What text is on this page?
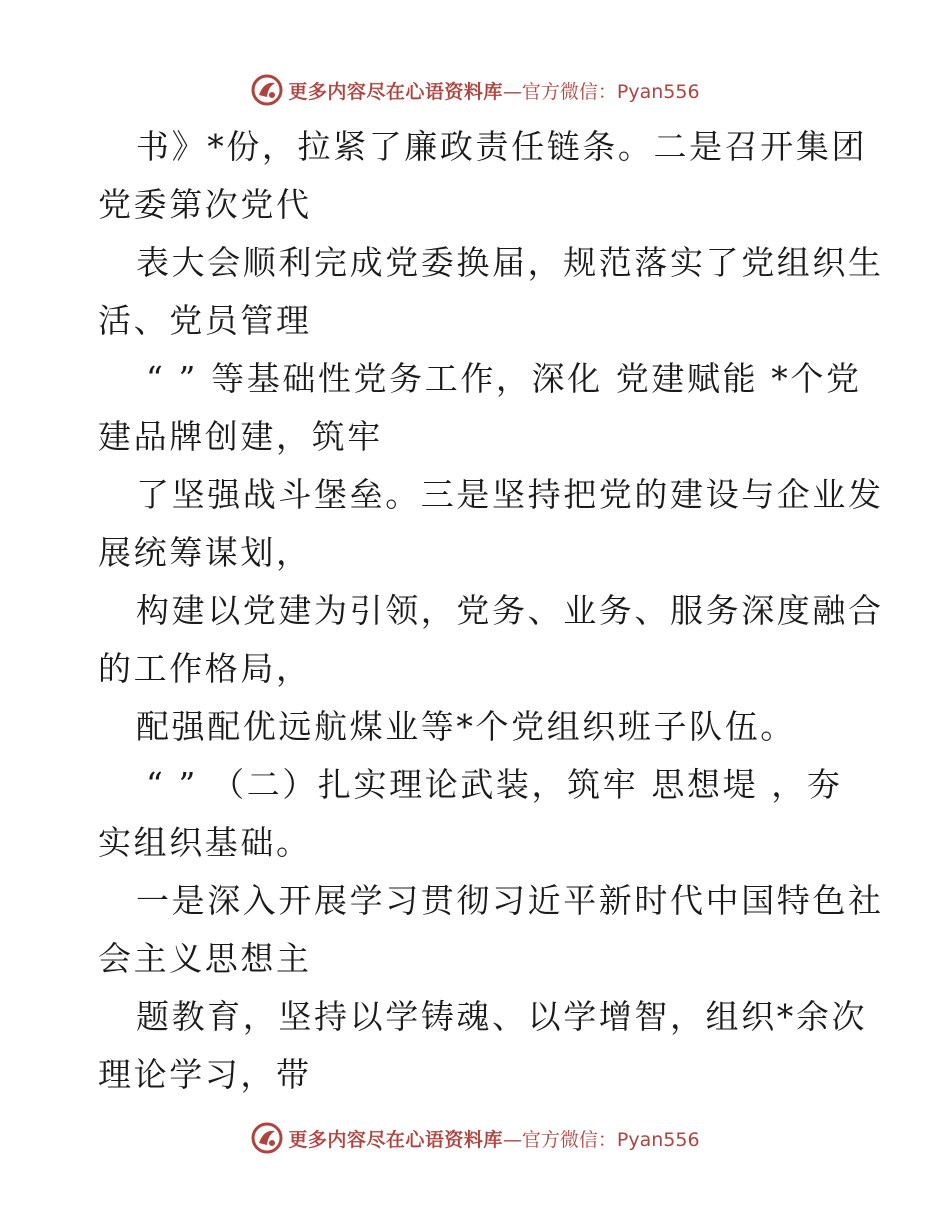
更多内容尽在心语资料库 —官方微信：Pyan556
书》*份，拉紧了廉政责任链条。二是召开集团
党委第次党代
表大会顺利完成党委换届，规范落实了党组织生
活、党员管理
“ ” 等基础性党务工作，深化 党建赋能 *个党
建品牌创建，筑牢
了坚强战斗堡垒。三是坚持把党的建设与企业发
展统筹谋划，
构建以党建为引领，党务、业务、服务深度融合
的工作格局，
配强配优远航煤业等*个党组织班子队伍。
“ ” （二）扎实理论武装，筑牢 思想堤 ，夯
实组织基础。
一是深入开展学习贯彻习近平新时代中国特色社
会主义思想主
题教育，坚持以学铸魂、以学增智，组织*余次
理论学习，带
更多内容尽在心语资料库 —官方微信：Pyan556
